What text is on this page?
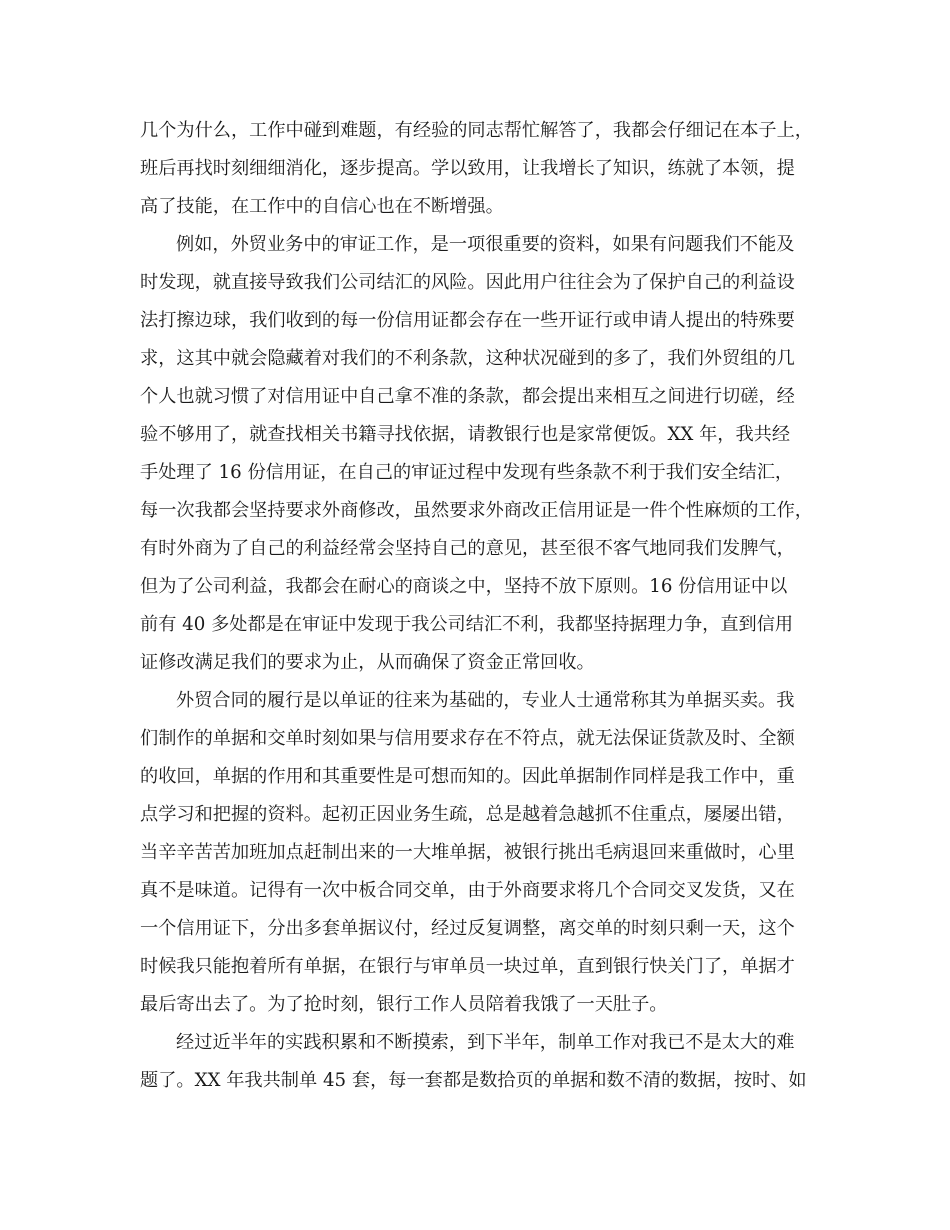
几个为什么，工作中碰到难题，有经验的同志帮忙解答了，我都会仔细记在本子上，
班后再找时刻细细消化，逐步提高。学以致用，让我增长了知识，练就了本领，提
高了技能，在工作中的自信心也在不断增强。
例如，外贸业务中的审证工作，是一项很重要的资料，如果有问题我们不能及
时发现，就直接导致我们公司结汇的风险。因此用户往往会为了保护自己的利益设
法打擦边球，我们收到的每一份信用证都会存在一些开证行或申请人提出的特殊要
求，这其中就会隐藏着对我们的不利条款，这种状况碰到的多了，我们外贸组的几
个人也就习惯了对信用证中自己拿不准的条款，都会提出来相互之间进行切磋，经
验不够用了，就查找相关书籍寻找依据，请教银行也是家常便饭。XX 年，我共经
手处理了 16 份信用证，在自己的审证过程中发现有些条款不利于我们安全结汇，
每一次我都会坚持要求外商修改，虽然要求外商改正信用证是一件个性麻烦的工作，
有时外商为了自己的利益经常会坚持自己的意见，甚至很不客气地同我们发脾气，
但为了公司利益，我都会在耐心的商谈之中，坚持不放下原则。16 份信用证中以
前有 40 多处都是在审证中发现于我公司结汇不利，我都坚持据理力争，直到信用
证修改满足我们的要求为止，从而确保了资金正常回收。
外贸合同的履行是以单证的往来为基础的，专业人士通常称其为单据买卖。我
们制作的单据和交单时刻如果与信用要求存在不符点，就无法保证货款及时、全额
的收回，单据的作用和其重要性是可想而知的。因此单据制作同样是我工作中，重
点学习和把握的资料。起初正因业务生疏，总是越着急越抓不住重点，屡屡出错，
当辛辛苦苦加班加点赶制出来的一大堆单据，被银行挑出毛病退回来重做时，心里
真不是味道。记得有一次中板合同交单，由于外商要求将几个合同交叉发货，又在
一个信用证下，分出多套单据议付，经过反复调整，离交单的时刻只剩一天，这个
时候我只能抱着所有单据，在银行与审单员一块过单，直到银行快关门了，单据才
最后寄出去了。为了抢时刻，银行工作人员陪着我饿了一天肚子。
经过近半年的实践积累和不断摸索，到下半年，制单工作对我已不是太大的难
题了。XX 年我共制单 45 套，每一套都是数拾页的单据和数不清的数据，按时、如
